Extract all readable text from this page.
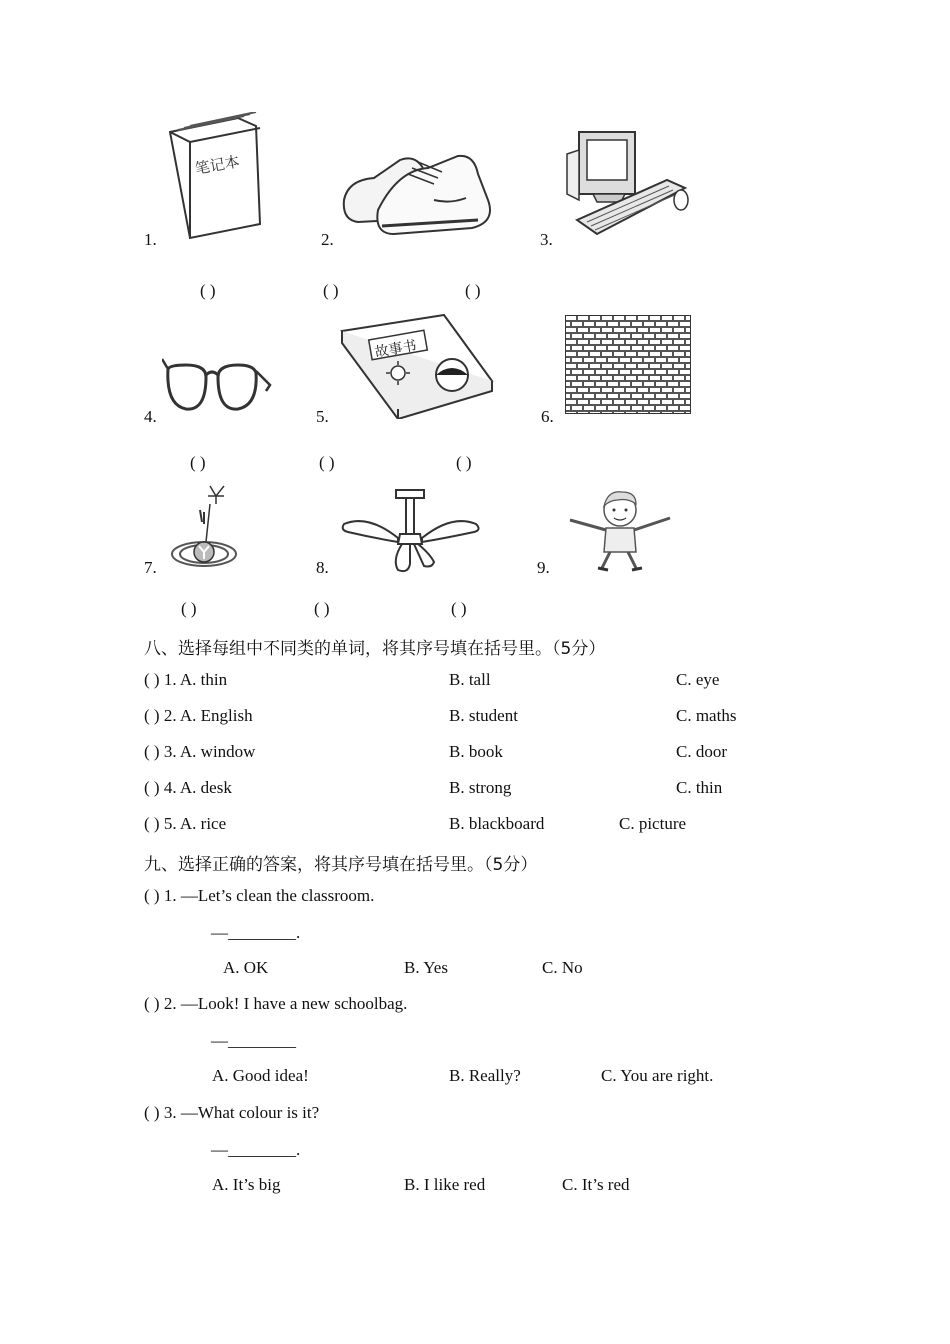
1.
笔记本
2.	3.
( )	( )	( )
4.	5.
故事书
6.
( )	( )	( )
7.	8.	9.
( )	( )	( )
八、选择每组中不同类的单词，将其序号填在括号里。（5分）
( ) 1. A. thin	B. tall	C. eye
( ) 2. A. English	B. student	C. maths
( ) 3. A. window	B. book	C. door
( ) 4. A. desk	B. strong	C. thin
( ) 5. A. rice	B. blackboard	C. picture
九、选择正确的答案，将其序号填在括号里。（5分）
( ) 1. —Let’s clean the classroom.
—________.
A. OK	B. Yes	C. No
( ) 2. —Look! I have a new schoolbag.
—________
A. Good idea!	B. Really?	C. You are right.
( ) 3. —What colour is it?
—________.
A. It’s big	B. I like red	C. It’s red
